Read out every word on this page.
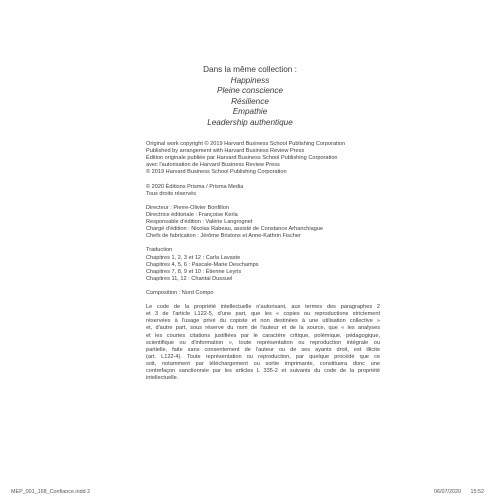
Dans la même collection :
Happiness
Pleine conscience
Résilience
Empathie
Leadership authentique
Original work copyright © 2019 Harvard Business School Publishing Corporation
Published by arrangement with Harvard Business Review Press
Édition originale publiée par Harvard Business School Publishing Corporation
avec l'autorisation de Harvard Business Review Press
© 2019 Harvard Business School Publishing Corporation
© 2020 Éditions Prisma / Prisma Media
Tous droits réservés
Directeur : Pierre-Olivier Bonfillon
Directrice éditoriale : Françoise Kerla
Responsable d'édition : Valérie Langrognet
Chargé d'édition : Nicolas Rabeau, assisté de Constance Arhanchiague
Chefs de fabrication : Jérôme Bristons et Anne-Kathrin Fischer
Traduction
Chapitres 1, 2, 3 et 12 : Carla Lavaste
Chapitres 4, 5, 6 : Pascale-Marie Deschamps
Chapitres 7, 8, 9 et 10 : Étienne Leyris
Chapitres 11, 12 : Chantal Dussuel
Composition : Nord Compo
Le code de la propriété intellectuelle n'autorisant, aux termes des paragraphes 2
et 3 de l'article L122-5, d'une part, que les « copies ou reproductions strictement
réservées à l'usage privé du copiste et non destinées à une utilisation collective »
et, d'autre part, sous réserve du nom de l'auteur et de la source, que « les analyses
et les courtes citations justifiées par le caractère critique, polémique, pédagogique,
scientifique ou d'information », toute représentation ou reproduction intégrale ou
partielle, faite sans consentement de l'auteur ou de ses ayants droit, est illicite
(art. L122-4). Toute représentation ou reproduction, par quelque procédé que ce
soit, notamment par téléchargement ou sortie imprimante, constituera donc une
contrefaçon sanctionnée par les articles L 335-2 et suivants du code de la propriété
intellectuelle.
MEP_001_168_Confiance.indd 2	06/07/2020 15:52
